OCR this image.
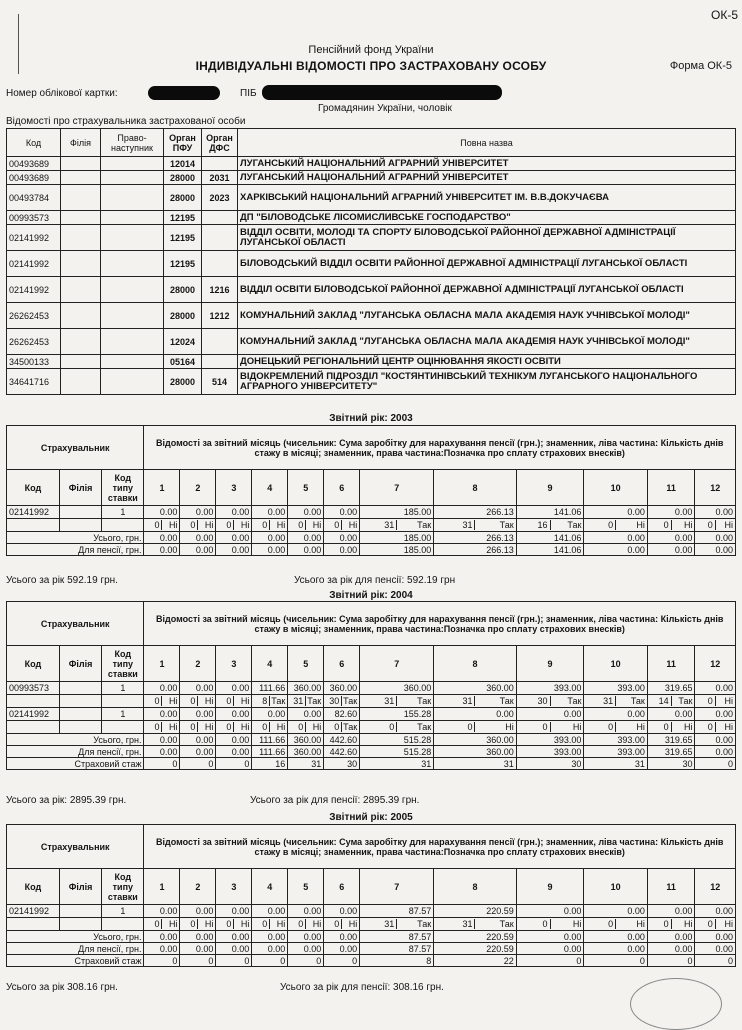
ОК-5
Пенсійний фонд України
ІНДИВІДУАЛЬНІ ВІДОМОСТІ ПРО ЗАСТРАХОВАНУ ОСОБУ	Форма ОК-5
Номер облікової картки:	ПІБ
Громадянин України, чоловік
Відомості про страхувальника застрахованої особи
Код	Філія	Право-наступник	Орган ПФУ	Орган ДФС	Повна назва
00493689			12014		ЛУГАНСЬКИЙ НАЦІОНАЛЬНИЙ АГРАРНИЙ УНІВЕРСИТЕТ
00493689			28000	2031	ЛУГАНСЬКИЙ НАЦІОНАЛЬНИЙ АГРАРНИЙ УНІВЕРСИТЕТ
00493784			28000	2023	ХАРКІВСЬКИЙ НАЦІОНАЛЬНИЙ АГРАРНИЙ УНІВЕРСИТЕТ ІМ. В.В.ДОКУЧАЄВА
00993573			12195		ДП "БІЛОВОДСЬКЕ ЛІСОМИСЛИВСЬКЕ ГОСПОДАРСТВО"
02141992			12195		ВІДДІЛ ОСВІТИ, МОЛОДІ ТА СПОРТУ БІЛОВОДСЬКОЇ РАЙОННОЇ ДЕРЖАВНОЇ АДМІНІСТРАЦІЇ ЛУГАНСЬКОЇ ОБЛАСТІ
02141992			12195		БІЛОВОДСЬКИЙ ВІДДІЛ ОСВІТИ РАЙОННОЇ ДЕРЖАВНОЇ АДМІНІСТРАЦІЇ ЛУГАНСЬКОЇ ОБЛАСТІ
02141992			28000	1216	ВІДДІЛ ОСВІТИ БІЛОВОДСЬКОЇ РАЙОННОЇ ДЕРЖАВНОЇ АДМІНІСТРАЦІЇ ЛУГАНСЬКОЇ ОБЛАСТІ
26262453			28000	1212	КОМУНАЛЬНИЙ ЗАКЛАД "ЛУГАНСЬКА ОБЛАСНА МАЛА АКАДЕМІЯ НАУК УЧНІВСЬКОЇ МОЛОДІ"
26262453			12024		КОМУНАЛЬНИЙ ЗАКЛАД "ЛУГАНСЬКА ОБЛАСНА МАЛА АКАДЕМІЯ НАУК УЧНІВСЬКОЇ МОЛОДІ"
34500133			05164		ДОНЕЦЬКИЙ РЕГІОНАЛЬНИЙ ЦЕНТР ОЦІНЮВАННЯ ЯКОСТІ ОСВІТИ
34641716			28000	514	ВІДОКРЕМЛЕНИЙ ПІДРОЗДІЛ "КОСТЯНТИНІВСЬКИЙ ТЕХНІКУМ ЛУГАНСЬКОГО НАЦІОНАЛЬНОГО АГРАРНОГО УНІВЕРСИТЕТУ"
Звітний рік: 2003
Страхувальник			Відомості за звітний місяць (чисельник: Сума заробітку для нарахування пенсії (грн.); знаменник, ліва частина: Кількість днів стажу в місяці; знаменник, права частина:Позначка про сплату страхових внесків)											
Код	Філія	Код типу ставки	1	2	3	4	5	6	7	8	9	10	11	12
02141992		1	0.00	0.00	0.00	0.00	0.00	0.00	185.00	266.13	141.06	0.00	0.00	0.00

			0 Ні	0 Ні	0 Ні	0 Ні	0 Ні	0 Ні	31 Так	31 Так	16 Так	0 Ні	0 Ні	0 Ні

Усього, грн.			0.00	0.00	0.00	0.00	0.00	0.00	185.00	266.13	141.06	0.00	0.00	0.00
Для пенсії, грн.			0.00	0.00	0.00	0.00	0.00	0.00	185.00	266.13	141.06	0.00	0.00	0.00
Усього за рік 592.19 грн.	Усього за рік для пенсії: 592.19 грн
Звітний рік: 2004
Страхувальник			Відомості за звітний місяць (чисельник: Сума заробітку для нарахування пенсії (грн.); знаменник, ліва частина: Кількість днів стажу в місяці; знаменник, права частина:Позначка про сплату страхових внесків)											
Код	Філія	Код типу ставки	1	2	3	4	5	6	7	8	9	10	11	12
00993573		1	0.00	0.00	0.00	111.66	360.00	360.00	360.00	360.00	393.00	393.00	319.65	0.00

			0 Ні	0 Ні	0 Ні	8 Так	31 Так	30 Так	31 Так	31 Так	30 Так	31 Так	14 Так	0 Ні

02141992		1	0.00	0.00	0.00	0.00	0.00	82.60	155.28	0.00	0.00	0.00	0.00	0.00

			0 Ні	0 Ні	0 Ні	0 Ні	0 Ні	0 Так	0 Так	0 Ні	0 Ні	0 Ні	0 Ні	0 Ні

Усього, грн.			0.00	0.00	0.00	111.66	360.00	442.60	515.28	360.00	393.00	393.00	319.65	0.00
Для пенсії, грн.			0.00	0.00	0.00	111.66	360.00	442.60	515.28	360.00	393.00	393.00	319.65	0.00
Страховий стаж			0	0	0	16	31	30	31	31	30	31	30	0
Усього за рік: 2895.39 грн.	Усього за рік для пенсії: 2895.39 грн.
Звітний рік: 2005
Страхувальник			Відомості за звітний місяць (чисельник: Сума заробітку для нарахування пенсії (грн.); знаменник, ліва частина: Кількість днів стажу в місяці; знаменник, права частина:Позначка про сплату страхових внесків)											
Код	Філія	Код типу ставки	1	2	3	4	5	6	7	8	9	10	11	12
02141992		1	0.00	0.00	0.00	0.00	0.00	0.00	87.57	220.59	0.00	0.00	0.00	0.00

			0 Ні	0 Ні	0 Ні	0 Ні	0 Ні	0 Ні	31 Так	31 Так	0 Ні	0 Ні	0 Ні	0 Ні

Усього, грн.			0.00	0.00	0.00	0.00	0.00	0.00	87.57	220.59	0.00	0.00	0.00	0.00
Для пенсії, грн.			0.00	0.00	0.00	0.00	0.00	0.00	87.57	220.59	0.00	0.00	0.00	0.00
Страховий стаж			0	0	0	0	0	0	8	22	0	0	0	0
Усього за рік 308.16 грн.	Усього за рік для пенсії: 308.16 грн.
